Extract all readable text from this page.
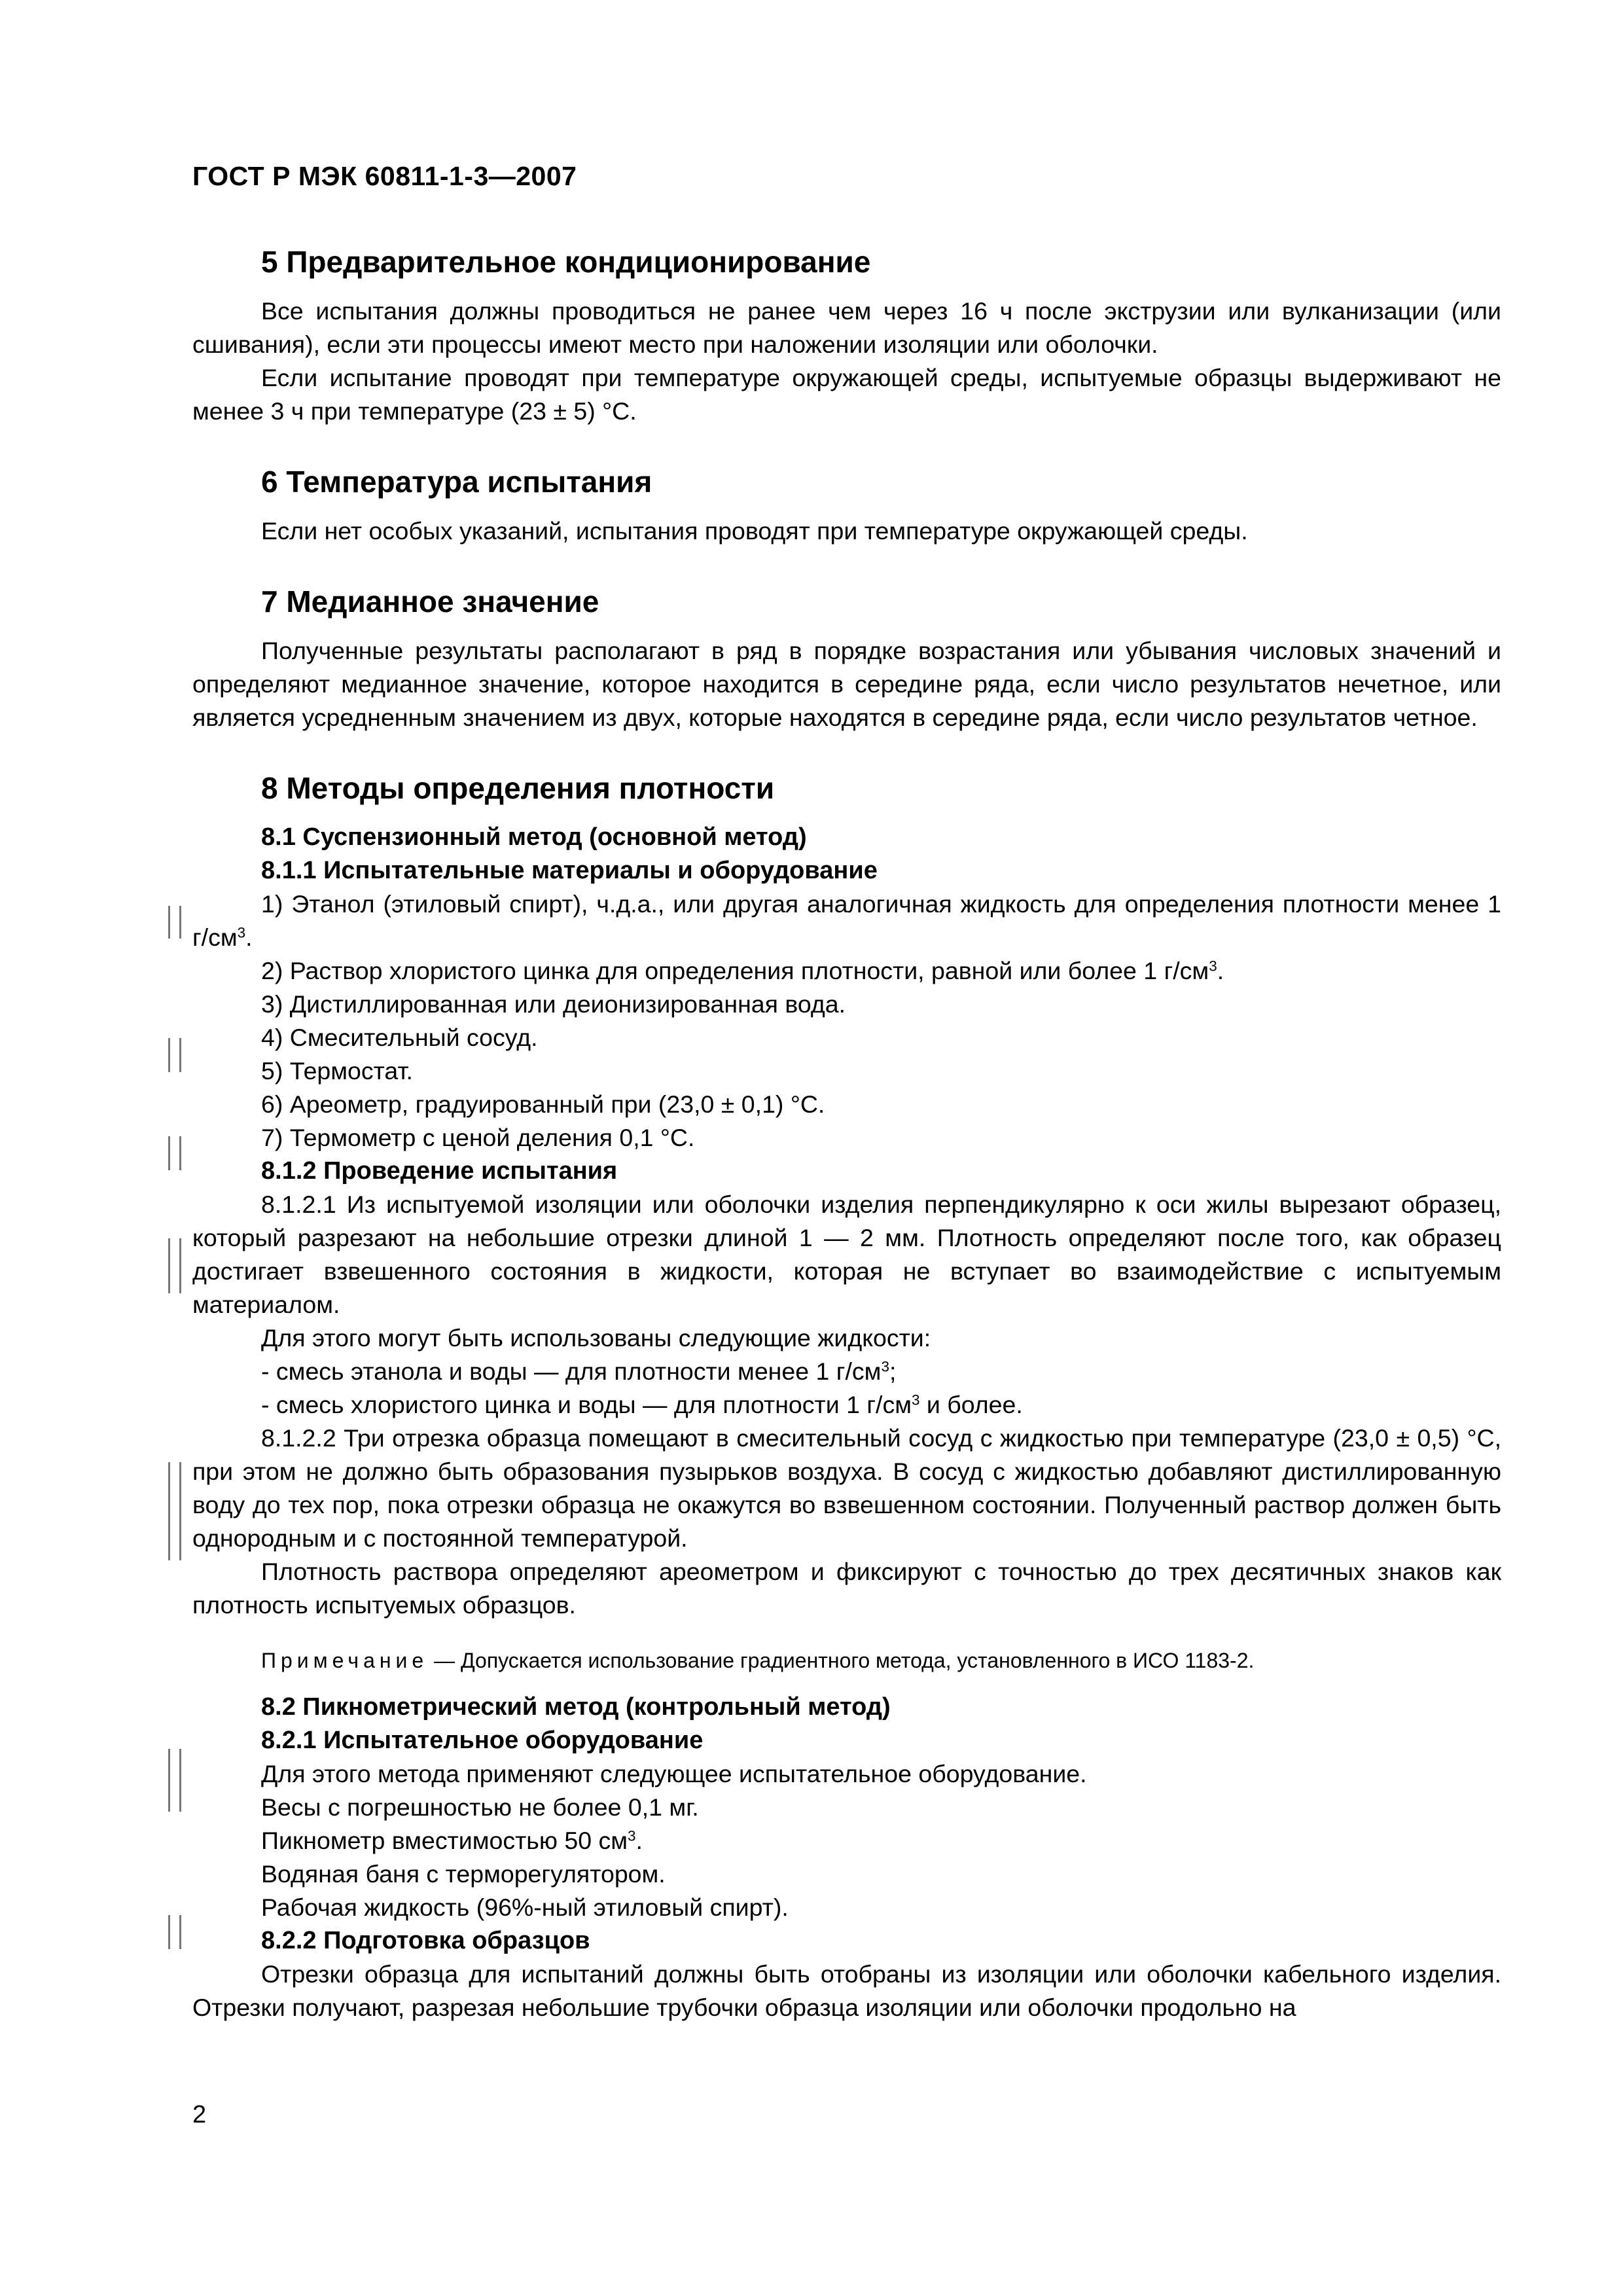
ГОСТ Р МЭК 60811-1-3—2007
5 Предварительное кондиционирование

Все испытания должны проводиться не ранее чем через 16 ч после экструзии или вулканизации (или сшивания), если эти процессы имеют место при наложении изоляции или оболочки.

Если испытание проводят при температуре окружающей среды, испытуемые образцы выдерживают не менее 3 ч при температуре (23 ± 5) °С.

6 Температура испытания

Если нет особых указаний, испытания проводят при температуре окружающей среды.

7 Медианное значение

Полученные результаты располагают в ряд в порядке возрастания или убывания числовых значений и определяют медианное значение, которое находится в середине ряда, если число результатов нечетное, или является усредненным значением из двух, которые находятся в середине ряда, если число результатов четное.

8 Методы определения плотности
8.1 Суспензионный метод (основной метод)
8.1.1 Испытательные материалы и оборудование

1) Этанол (этиловый спирт), ч.д.а., или другая аналогичная жидкость для определения плотности менее 1 $г/см^3$.

2) Раствор хлористого цинка для определения плотности, равной или более 1 $г/см^3$.
3) Дистиллированная или деионизированная вода.
4) Смесительный сосуд.
5) Термостат.
6) Ареометр, градуированный при (23,0 ± 0,1) °С.
7) Термометр с ценой деления 0,1 °С.
8.1.2 Проведение испытания

8.1.2.1 Из испытуемой изоляции или оболочки изделия перпендикулярно к оси жилы вырезают образец, который разрезают на небольшие отрезки длиной 1 — 2 мм. Плотность определяют после того, как образец достигает взвешенного состояния в жидкости, которая не вступает во взаимодействие с испытуемым материалом.

Для этого могут быть использованы следующие жидкости:
- смесь этанола и воды — для плотности менее 1 $г/см^3$;
- смесь хлористого цинка и воды — для плотности 1 $г/см^3$ и более.

8.1.2.2 Три отрезка образца помещают в смесительный сосуд с жидкостью при температуре (23,0 ± 0,5) °С, при этом не должно быть образования пузырьков воздуха. В сосуд с жидкостью добавляют дистиллированную воду до тех пор, пока отрезки образца не окажутся во взвешенном состоянии. Полученный раствор должен быть однородным и с постоянной температурой.

Плотность раствора определяют ареометром и фиксируют с точностью до трех десятичных знаков как плотность испытуемых образцов.

Примечание — Допускается использование градиентного метода, установленного в ИСО 1183-2.
8.2 Пикнометрический метод (контрольный метод)
8.2.1 Испытательное оборудование
Для этого метода применяют следующее испытательное оборудование.
Весы с погрешностью не более 0,1 мг.
Пикнометр вместимостью 50 $см^3$.
Водяная баня с терморегулятором.
Рабочая жидкость (96%-ный этиловый спирт).
8.2.2 Подготовка образцов

Отрезки образца для испытаний должны быть отобраны из изоляции или оболочки кабельного изделия. Отрезки получают, разрезая небольшие трубочки образца изоляции или оболочки продольно на

2
